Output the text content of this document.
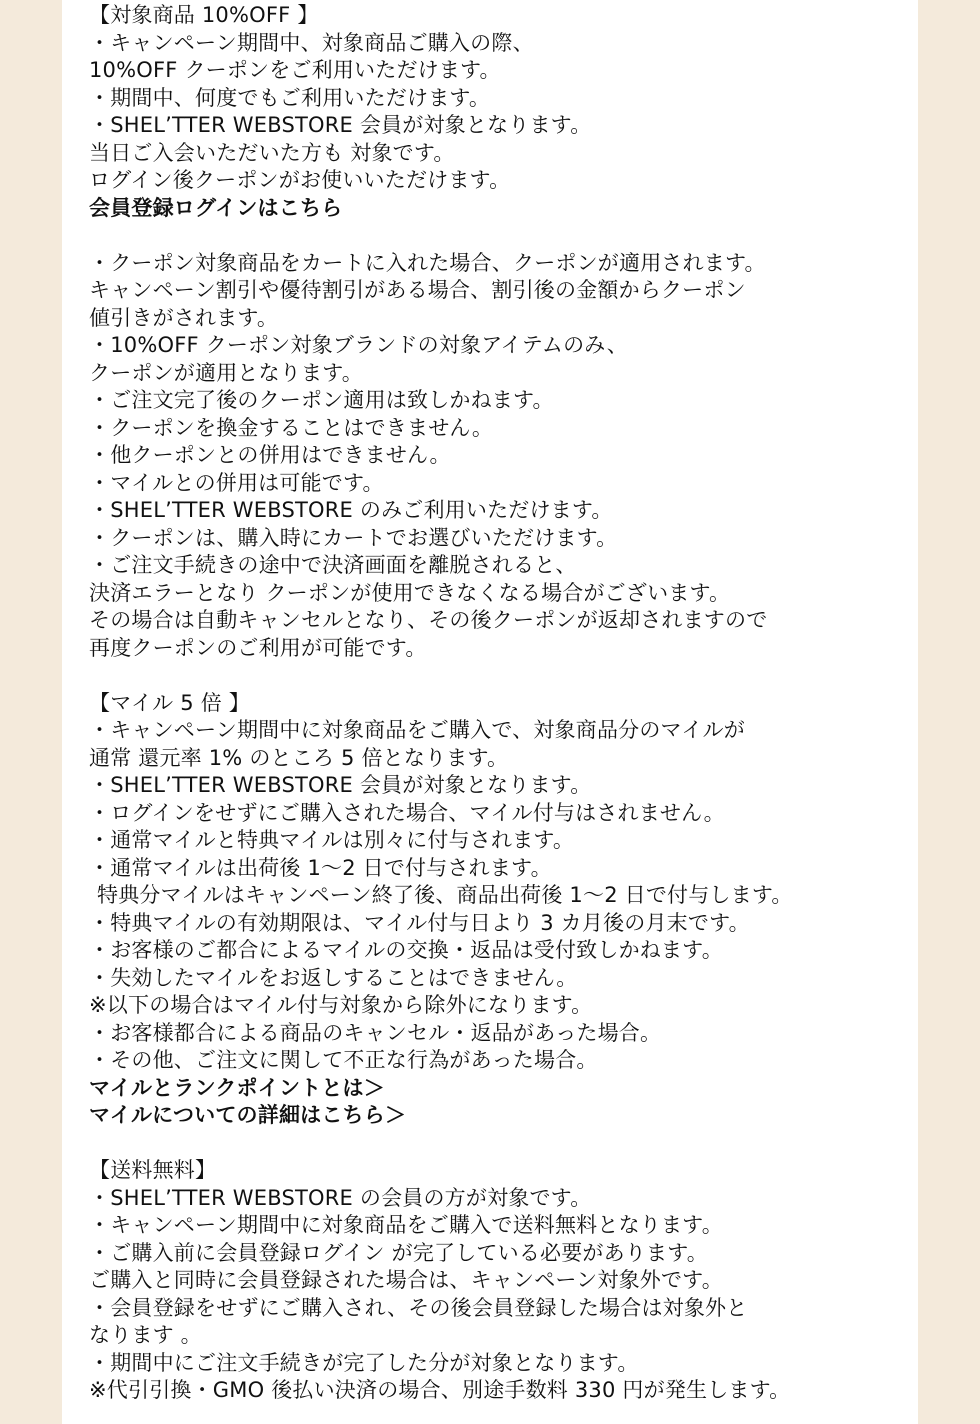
【対象商品 10%OFF 】
・キャンペーン期間中、対象商品ご購入の際、
10%OFF クーポンをご利用いただけます。
・期間中、何度でもご利用いただけます。
・SHEL’TTER WEBSTORE 会員が対象となります。
当日ご入会いただいた方も 対象です。
ログイン後クーポンがお使いいただけます。
会員登録ログインはこちら
・クーポン対象商品をカートに入れた場合、クーポンが適用されます。
キャンペーン割引や優待割引がある場合、割引後の金額からクーポン
値引きがされます。
・10%OFF クーポン対象ブランドの対象アイテムのみ、
クーポンが適用となります。
・ご注文完了後のクーポン適用は致しかねます。
・クーポンを換金することはできません。
・他クーポンとの併用はできません。
・マイルとの併用は可能です。
・SHEL’TTER WEBSTORE のみご利用いただけます。
・クーポンは、購入時にカートでお選びいただけます。
・ご注文手続きの途中で決済画面を離脱されると、
決済エラーとなり クーポンが使用できなくなる場合がございます。
その場合は自動キャンセルとなり、その後クーポンが返却されますので
再度クーポンのご利用が可能です。
【マイル 5 倍 】
・キャンペーン期間中に対象商品をご購入で、対象商品分のマイルが
通常 還元率 1% のところ 5 倍となります。
・SHEL’TTER WEBSTORE 会員が対象となります。
・ログインをせずにご購入された場合、マイル付与はされません。
・通常マイルと特典マイルは別々に付与されます。
・通常マイルは出荷後 1～2 日で付与されます。
特典分マイルはキャンペーン終了後、商品出荷後 1～2 日で付与します。
・特典マイルの有効期限は、マイル付与日より 3 カ月後の月末です。
・お客様のご都合によるマイルの交換・返品は受付致しかねます。
・失効したマイルをお返しすることはできません。
※以下の場合はマイル付与対象から除外になります。
・お客様都合による商品のキャンセル・返品があった場合。
・その他、ご注文に関して不正な行為があった場合。
マイルとランクポイントとは＞
マイルについての詳細はこちら＞
【送料無料】
・SHEL’TTER WEBSTORE の会員の方が対象です。
・キャンペーン期間中に対象商品をご購入で送料無料となります。
・ご購入前に会員登録ログイン が完了している必要があります。
ご購入と同時に会員登録された場合は、キャンペーン対象外です。
・会員登録をせずにご購入され、その後会員登録した場合は対象外と
なります 。
・期間中にご注文手続きが完了した分が対象となります。
※代引引換・GMO 後払い決済の場合、別途手数料 330 円が発生します。
